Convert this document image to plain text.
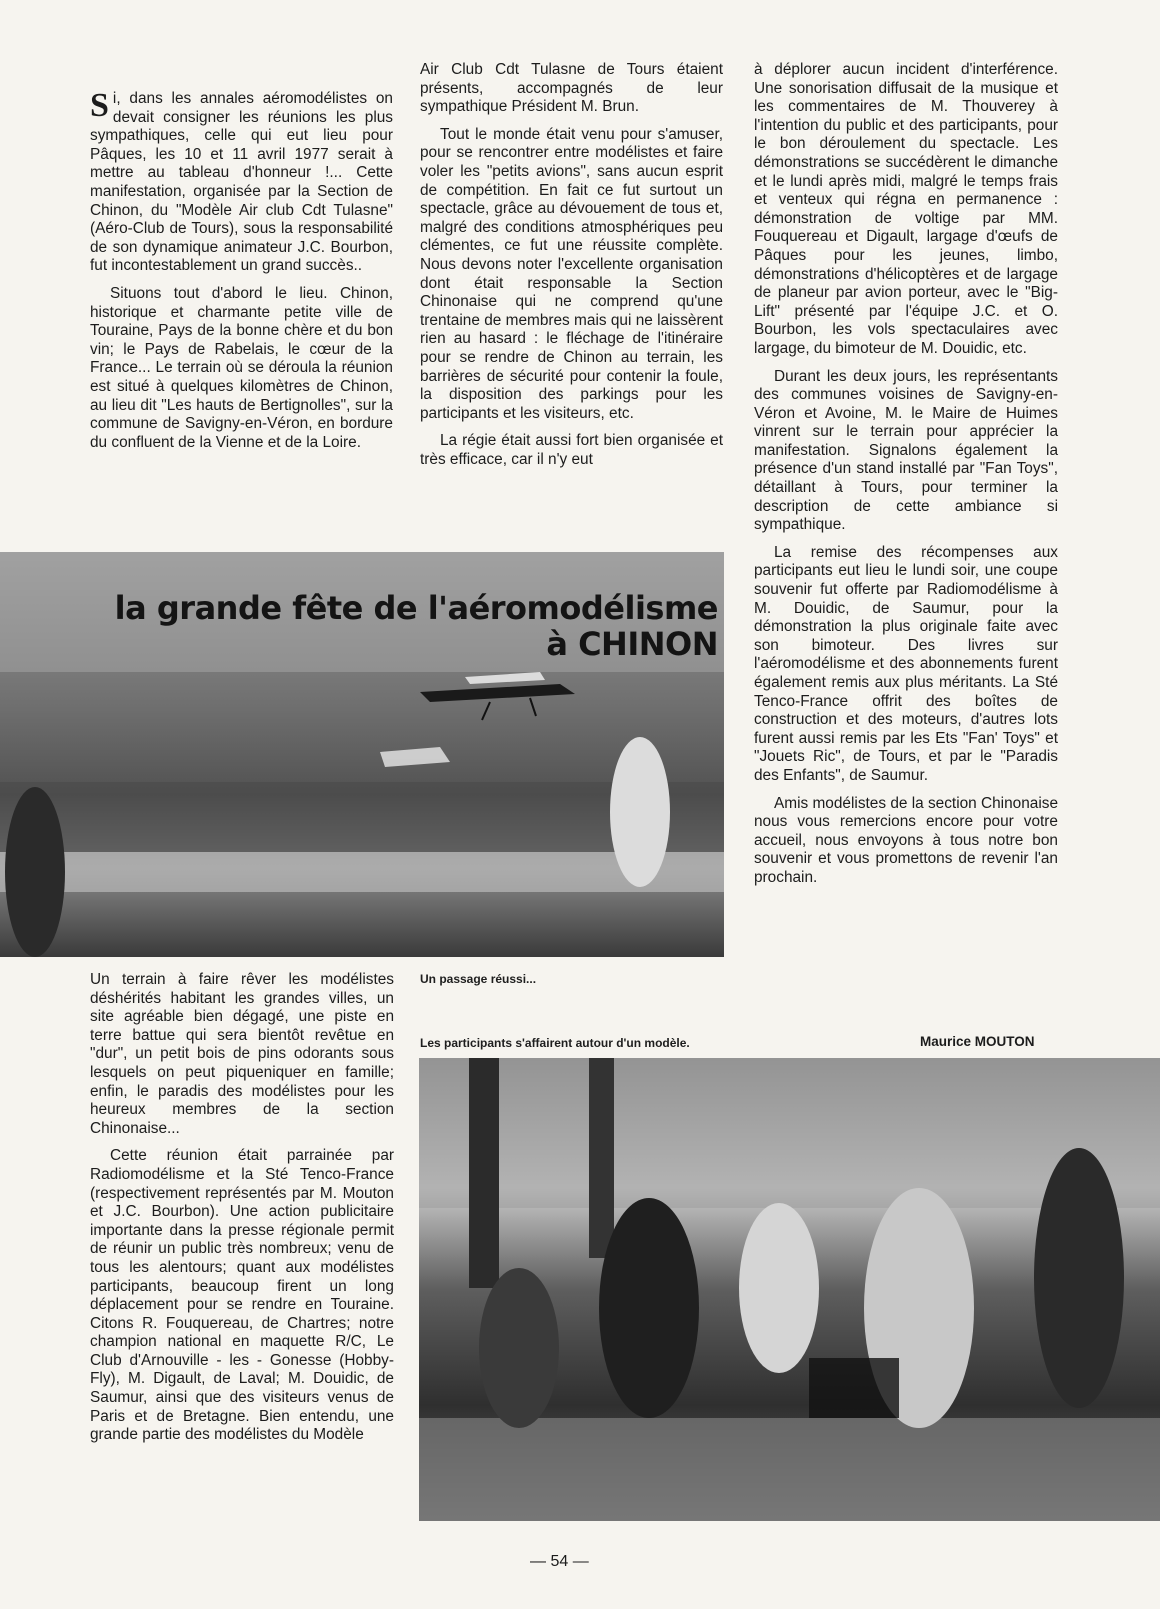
Si, dans les annales aéromodélistes on devait consigner les réunions les plus sympathiques, celle qui eut lieu pour Pâques, les 10 et 11 avril 1977 serait à mettre au tableau d'honneur !... Cette manifestation, organisée par la Section de Chinon, du "Modèle Air club Cdt Tulasne" (Aéro-Club de Tours), sous la responsabilité de son dynamique animateur J.C. Bourbon, fut incontestablement un grand succès..

Situons tout d'abord le lieu. Chinon, historique et charmante petite ville de Touraine, Pays de la bonne chère et du bon vin; le Pays de Rabelais, le cœur de la France... Le terrain où se déroula la réunion est situé à quelques kilomètres de Chinon, au lieu dit "Les hauts de Bertignolles", sur la commune de Savigny-en-Véron, en bordure du confluent de la Vienne et de la Loire.

Air Club Cdt Tulasne de Tours étaient présents, accompagnés de leur sympathique Président M. Brun.

Tout le monde était venu pour s'amuser, pour se rencontrer entre modélistes et faire voler les "petits avions", sans aucun esprit de compétition. En fait ce fut surtout un spectacle, grâce au dévouement de tous et, malgré des conditions atmosphériques peu clémentes, ce fut une réussite complète. Nous devons noter l'excellente organisation dont était responsable la Section Chinonaise qui ne comprend qu'une trentaine de membres mais qui ne laissèrent rien au hasard : le fléchage de l'itinéraire pour se rendre de Chinon au terrain, les barrières de sécurité pour contenir la foule, la disposition des parkings pour les participants et les visiteurs, etc.

La régie était aussi fort bien organisée et très efficace, car il n'y eut

à déplorer aucun incident d'interférence. Une sonorisation diffusait de la musique et les commentaires de M. Thouverey à l'intention du public et des participants, pour le bon déroulement du spectacle. Les démonstrations se succédèrent le dimanche et le lundi après midi, malgré le temps frais et venteux qui régna en permanence : démonstration de voltige par MM. Fouquereau et Digault, largage d'œufs de Pâques pour les jeunes, limbo, démonstrations d'hélicoptères et de largage de planeur par avion porteur, avec le "Big-Lift" présenté par l'équipe J.C. et O. Bourbon, les vols spectaculaires avec largage, du bimoteur de M. Douidic, etc.

Durant les deux jours, les représentants des communes voisines de Savigny-en-Véron et Avoine, M. le Maire de Huimes vinrent sur le terrain pour apprécier la manifestation. Signalons également la présence d'un stand installé par "Fan Toys", détaillant à Tours, pour terminer la description de cette ambiance si sympathique.

La remise des récompenses aux participants eut lieu le lundi soir, une coupe souvenir fut offerte par Radiomodélisme à M. Douidic, de Saumur, pour la démonstration la plus originale faite avec son bimoteur. Des livres sur l'aéromodélisme et des abonnements furent également remis aux plus méritants. La Sté Tenco-France offrit des boîtes de construction et des moteurs, d'autres lots furent aussi remis par les Ets "Fan' Toys" et "Jouets Ric", de Tours, et par le "Paradis des Enfants", de Saumur.

Amis modélistes de la section Chinonaise nous vous remercions encore pour votre accueil, nous envoyons à tous notre bon souvenir et vous promettons de revenir l'an prochain.

la grande fête de l'aéromodélisme
à CHINON

Un terrain à faire rêver les modélistes déshérités habitant les grandes villes, un site agréable bien dégagé, une piste en terre battue qui sera bientôt revêtue en "dur", un petit bois de pins odorants sous lesquels on peut piqueniquer en famille; enfin, le paradis des modélistes pour les heureux membres de la section Chinonaise...

Cette réunion était parrainée par Radiomodélisme et la Sté Tenco-France (respectivement représentés par M. Mouton et J.C. Bourbon). Une action publicitaire importante dans la presse régionale permit de réunir un public très nombreux; venu de tous les alentours; quant aux modélistes participants, beaucoup firent un long déplacement pour se rendre en Touraine. Citons R. Fouquereau, de Chartres; notre champion national en maquette R/C, Le Club d'Arnouville - les - Gonesse (Hobby-Fly), M. Digault, de Laval; M. Douidic, de Saumur, ainsi que des visiteurs venus de Paris et de Bretagne. Bien entendu, une grande partie des modélistes du Modèle

Un passage réussi...
Les participants s'affairent autour d'un modèle.	Maurice MOUTON
— 54 —
